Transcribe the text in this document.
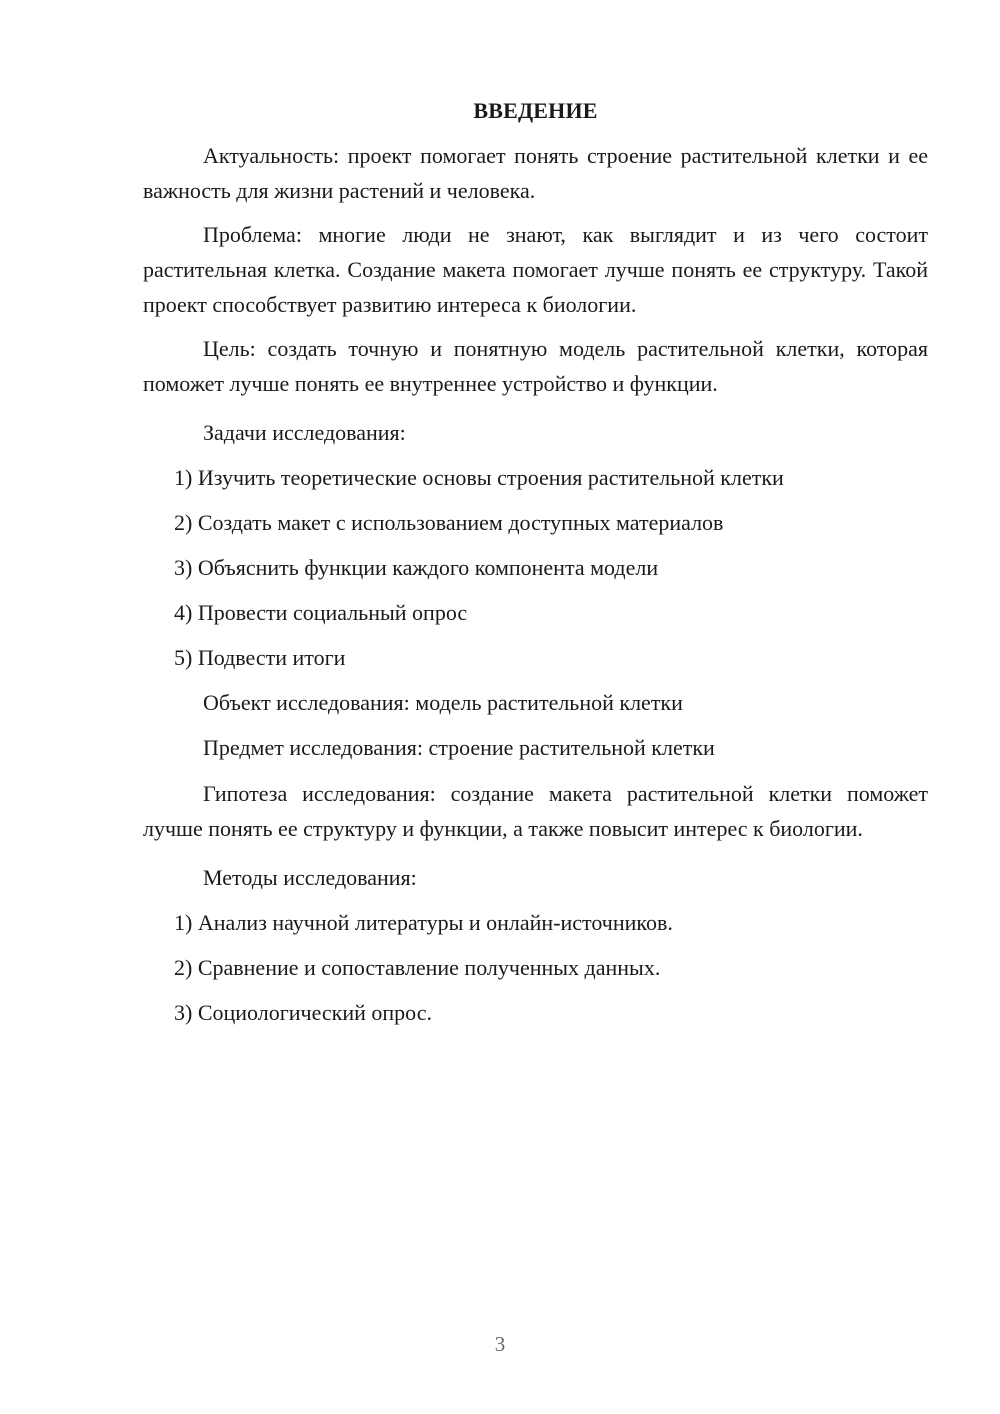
ВВЕДЕНИЕ

Актуальность: проект помогает понять строение растительной клетки и ее важность для жизни растений и человека.

Проблема: многие люди не знают, как выглядит и из чего состоит растительная клетка. Создание макета помогает лучше понять ее структуру. Такой проект способствует развитию интереса к биологии.

Цель: создать точную и понятную модель растительной клетки, которая поможет лучше понять ее внутреннее устройство и функции.

Задачи исследования:

1) Изучить теоретические основы строения растительной клетки

2) Создать макет с использованием доступных материалов

3) Объяснить функции каждого компонента модели

4) Провести социальный опрос

5) Подвести итоги

Объект исследования: модель растительной клетки

Предмет исследования: строение растительной клетки

Гипотеза исследования: создание макета растительной клетки поможет лучше понять ее структуру и функции, а также повысит интерес к биологии.

Методы исследования:

1) Анализ научной литературы и онлайн-источников.

2) Сравнение и сопоставление полученных данных.

3) Социологический опрос.

3
